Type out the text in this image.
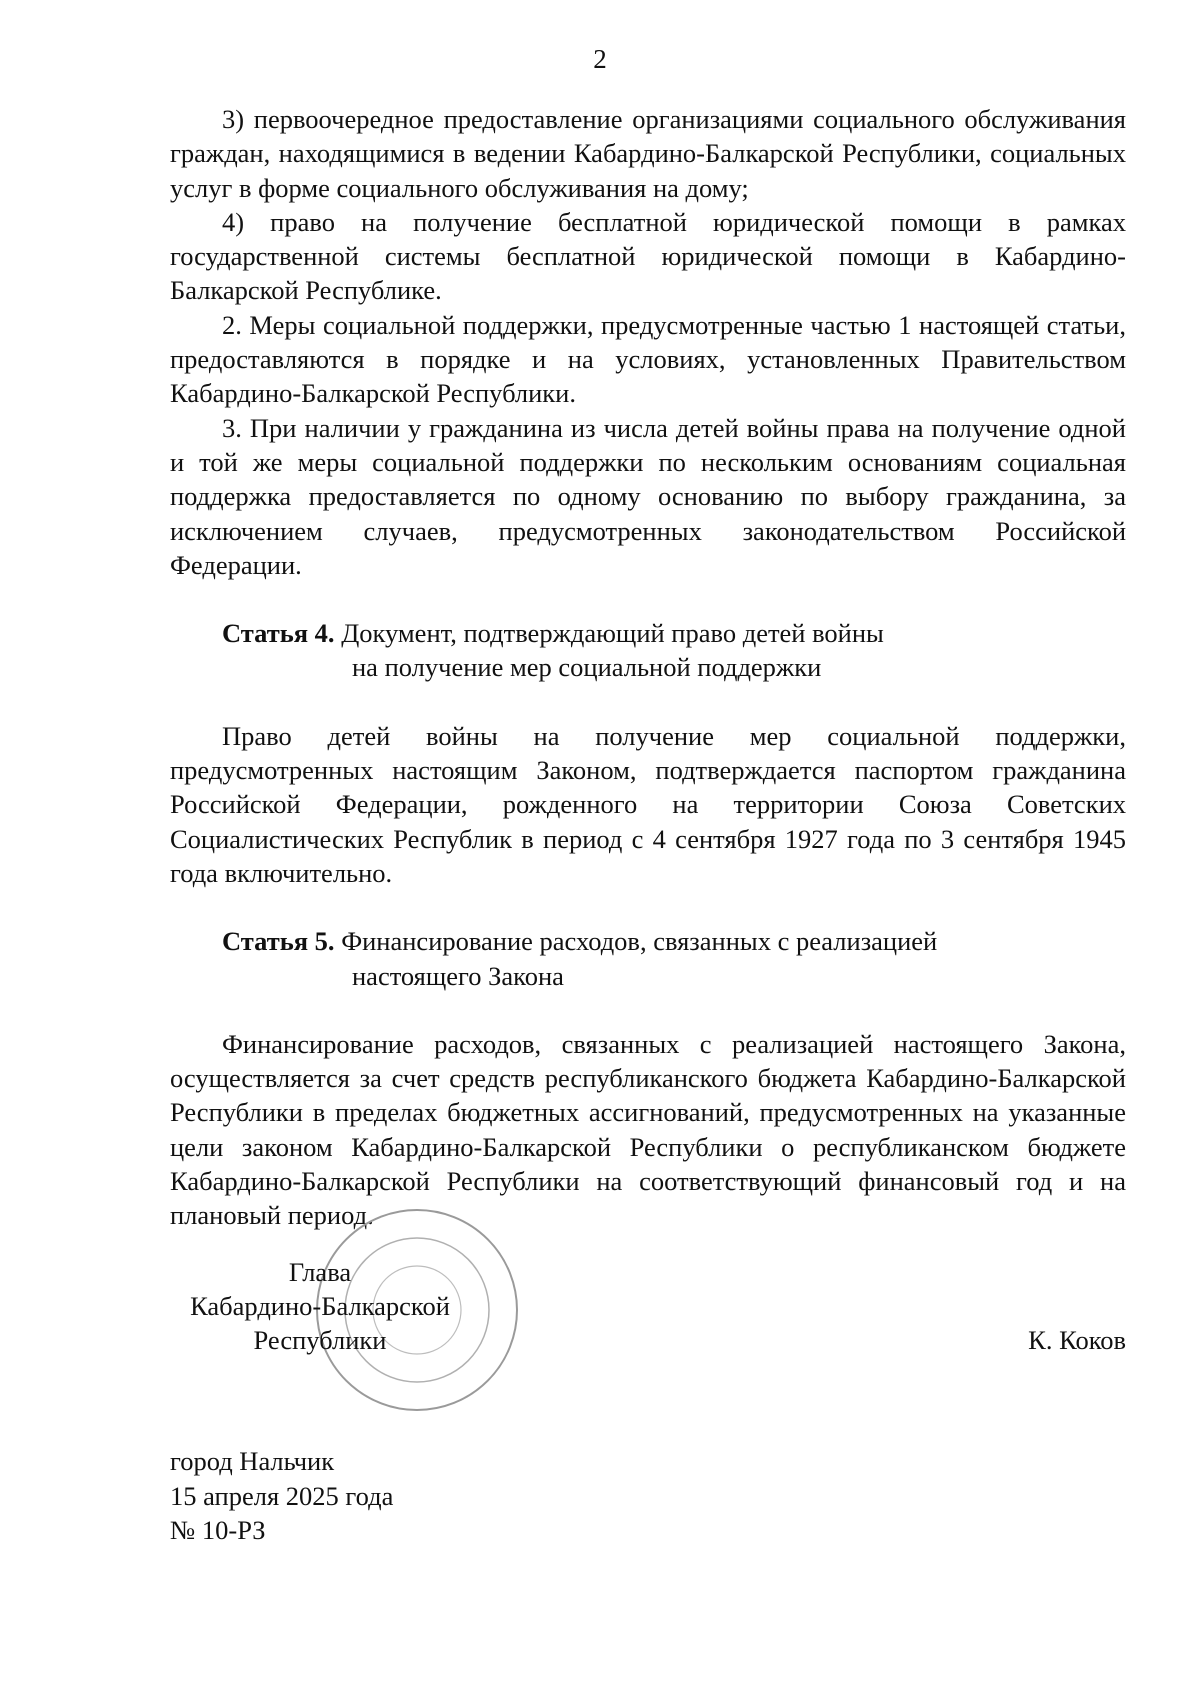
2

3) первоочередное предоставление организациями социального обслуживания граждан, находящимися в ведении Кабардино-Балкарской Республики, социальных услуг в форме социального обслуживания на дому;

4) право на получение бесплатной юридической помощи в рамках государственной системы бесплатной юридической помощи в Кабардино-Балкарской Республике.

2. Меры социальной поддержки, предусмотренные частью 1 настоящей статьи, предоставляются в порядке и на условиях, установленных Правительством Кабардино-Балкарской Республики.

3. При наличии у гражданина из числа детей войны права на получение одной и той же меры социальной поддержки по нескольким основаниям социальная поддержка предоставляется по одному основанию по выбору гражданина, за исключением случаев, предусмотренных законодательством Российской Федерации.

Статья 4. Документ, подтверждающий право детей войны
на получение мер социальной поддержки

Право детей войны на получение мер социальной поддержки, предусмотренных настоящим Законом, подтверждается паспортом гражданина Российской Федерации, рожденного на территории Союза Советских Социалистических Республик в период с 4 сентября 1927 года по 3 сентября 1945 года включительно.

Статья 5. Финансирование расходов, связанных с реализацией
настоящего Закона

Финансирование расходов, связанных с реализацией настоящего Закона, осуществляется за счет средств республиканского бюджета Кабардино-Балкарской Республики в пределах бюджетных ассигнований, предусмотренных на указанные цели законом Кабардино-Балкарской Республики о республиканском бюджете Кабардино-Балкарской Республики на соответствующий финансовый год и на плановый период.

Глава
Кабардино-Балкарской
Республики	К. Коков
город Нальчик
15 апреля 2025 года
№ 10-РЗ
